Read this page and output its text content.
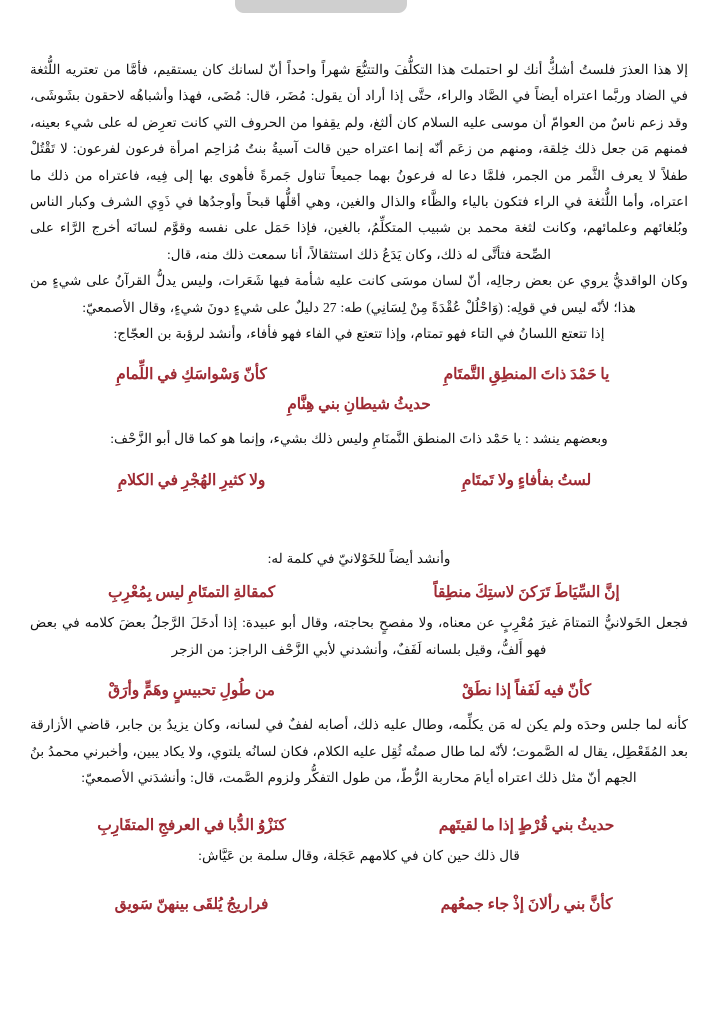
إلا هذا العذرَ فلستُ أشكُّ أنك لو احتملتَ هذا التكلُّفَ والتتبُّعَ شهراً واحداً أنّ لسانك كان يستقيم، فأمَّا من تعتريه اللُّثغة في الضاد وربَّما اعتراه أيضاً في الصَّاد والراء، حتَّى إذا أراد أن يقول: مُضَر، قال: مُضَى، فهذا وأشباهُه لاحقون بشَوشَى، وقد زعم ناسٌ من العوامّ أن موسى عليه السلام كان ألثغ، ولم يقِفوا من الحروف التي كانت تعرِض له على شيء بعينه، فمنهم مَن جعل ذلك خِلقة، ومنهم من زعَم أنّه إنما اعتراه حين قالت آسيةُ بنتُ مُزاحِم امرأة فرعون لفرعون: لا تَقْتُلْ طفلاً لا يعرف الثَّمر من الجمر، فلمَّا دعا له فرعونُ بهما جميعاً تناول جَمرةً فأهوى بها إلى فِيه، فاعتراه من ذلك ما اعتراه، وأما اللُّثغة في الراء فتكون بالياء والظَّاء والذال والغين، وهي أقلُّها قبحاً وأوجدُها في ذَوِي الشرف وكبار الناس وبُلغائهم وعلمائهم، وكانت لثغة محمد بن شبيب المتكلِّمُ، بالغين، فإذا حَمَل على نفسه وقوَّم لسانَه أخرج الرَّاء على الصِّحة فتأتَّى له ذلك، وكان يَدَعُ ذلك استثقالاً، أنا سمعت ذلك منه، قال:

وكان الواقديُّ يروي عن بعض رجالِه، أنّ لسان موسَى كانت عليه شأمة فيها شَعَرات، وليس يدلُّ القرآنُ على شيءٍ من هذا؛ لأنّه ليس في قولِه: (وَاحْلُلْ عُقْدَةً مِنْ لِسَانِي) طه: 27 دليلٌ على شيءٍ دونَ شيءٍ، وقال الأصمعيّ:

إذا تتعتع اللسانُ في التاء فهو تمتام، وإذا تتعتع في الفاء فهو فأفاء، وأنشد لرؤبة بن العجّاج:

يا حَمْدَ ذاتَ المنطِقِ التَّمتَامِ
كأنّ وَسْواسَكِ في اللِّمامِ
حديثُ شيطانِ بني هِنَّامِ

وبعضهم ينشد : يا حَمْد ذاتَ المنطق النَّمنَامِ وليس ذلك بشيء، وإنما هو كما قال أبو الزَّحْف:

لستُ بفأفاءٍ ولا تَمتَامِ
ولا كثيرِ الهُجْرِ في الكلامِ

وأنشد أيضاً للخَوْلانيّ في كلمة له:

إنَّ السِّيَاطَ تَرَكنَ لاستِكَ منطِقاً
كمقالةِ التمتَامِ ليس بِمُعْرِبِ

فجعل الخَولانيُّ التمتامَ غيرَ مُعْرِبٍ عن معناه، ولا مفصحٍ بحاجته، وقال أبو عبيدة: إذا أدخَلَ الرَّجلُ بعضَ كلامه في بعض فهو أَلفُّ، وقيل بلسانه لَفَفٌ، وأنشدني لأبي الزَّحْف الراجز: من الزجر

كأنّ فيه لَفَفاً إذا نطَقْ
من طُولِ تحبيسٍ وهَمٍّ وأرَقْ

كأنه لما جلس وحدَه ولم يكن له مَن يكلِّمه، وطال عليه ذلك، أصابه لففٌ في لسانه، وكان يزيدُ بن جابر، قاضي الأزارقة بعد المُقَعْطِل، يقال له الصَّموت؛ لأنّه لما طال صمتُه ثُقِل عليه الكلام، فكان لسانُه يلتوي، ولا يكاد يبين، وأخبرني محمدُ بنُ الجهم أنّ مثل ذلك اعتراه أيامَ محاربة الزُّطّ، من طول التفكُّر ولزوم الصَّمت، قال: وأنشدَني الأصمعيّ:

حديثُ بني قُرْطٍ إذا ما لقيتَهم
كنَزْوُ الدُّبا في العرفجِ المتقَارِبِ

قال ذلك حين كان في كلامهم عَجَلة، وقال سلمة بن عَيَّاش:

كأنَّ بني رألانَ إذْ جاء جمعُهم
فراريجُ يُلقَى بينهنّ سَويق
